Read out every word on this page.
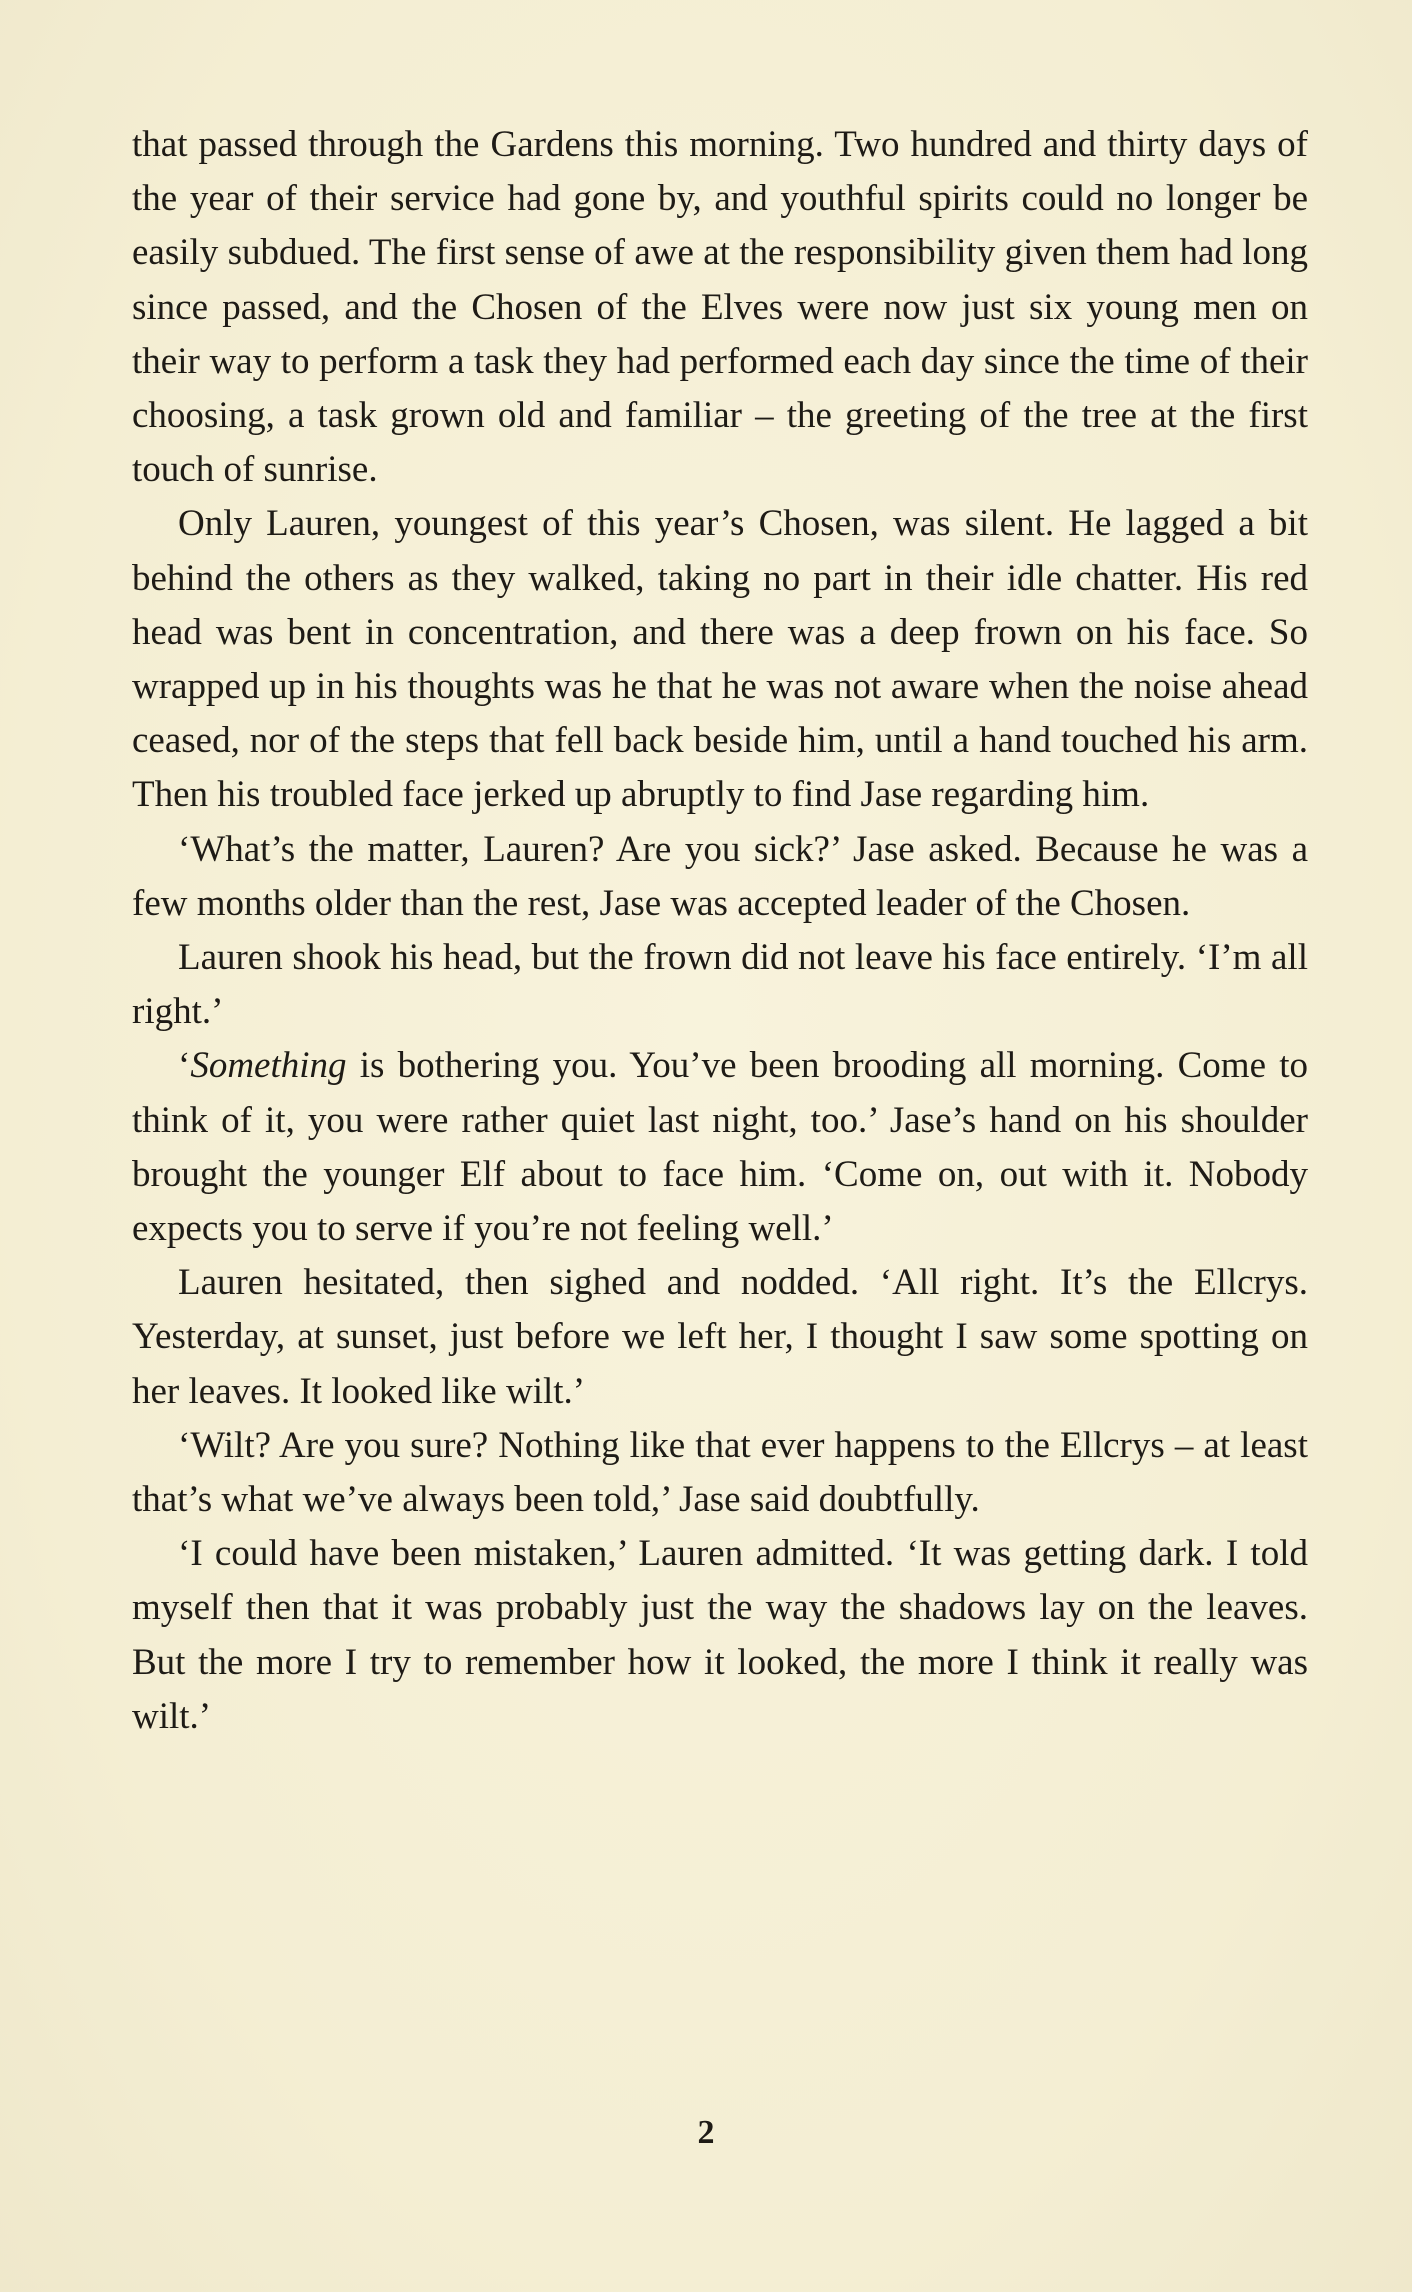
that passed through the Gardens this morning. Two hundred and thirty days of the year of their service had gone by, and youthful spirits could no longer be easily subdued. The first sense of awe at the responsibility given them had long since passed, and the Chosen of the Elves were now just six young men on their way to perform a task they had performed each day since the time of their choosing, a task grown old and familiar – the greeting of the tree at the first touch of sunrise.

Only Lauren, youngest of this year’s Chosen, was silent. He lagged a bit behind the others as they walked, taking no part in their idle chatter. His red head was bent in concentration, and there was a deep frown on his face. So wrapped up in his thoughts was he that he was not aware when the noise ahead ceased, nor of the steps that fell back beside him, until a hand touched his arm. Then his troubled face jerked up abruptly to find Jase regarding him.

‘What’s the matter, Lauren? Are you sick?’ Jase asked. Because he was a few months older than the rest, Jase was accepted leader of the Chosen.

Lauren shook his head, but the frown did not leave his face entirely. ‘I’m all right.’

‘Something is bothering you. You’ve been brooding all morning. Come to think of it, you were rather quiet last night, too.’ Jase’s hand on his shoulder brought the younger Elf about to face him. ‘Come on, out with it. Nobody expects you to serve if you’re not feeling well.’

Lauren hesitated, then sighed and nodded. ‘All right. It’s the Ellcrys. Yesterday, at sunset, just before we left her, I thought I saw some spotting on her leaves. It looked like wilt.’

‘Wilt? Are you sure? Nothing like that ever happens to the Ellcrys – at least that’s what we’ve always been told,’ Jase said doubtfully.

‘I could have been mistaken,’ Lauren admitted. ‘It was getting dark. I told myself then that it was probably just the way the shadows lay on the leaves. But the more I try to remember how it looked, the more I think it really was wilt.’

2
